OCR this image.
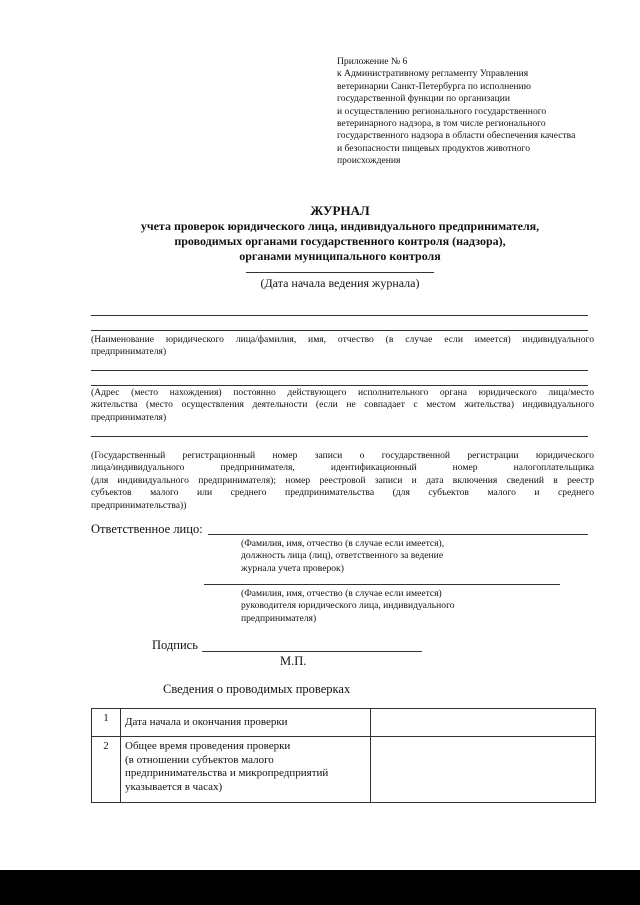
Приложение № 6
к Административному регламенту Управления
ветеринарии Санкт-Петербурга по исполнению
государственной функции по организации
и осуществлению регионального государственного
ветеринарного надзора, в том числе регионального
государственного надзора в области обеспечения качества
и безопасности пищевых продуктов животного
происхождения
ЖУРНАЛ
учета проверок юридического лица, индивидуального предпринимателя,
проводимых органами государственного контроля (надзора),
органами муниципального контроля
(Дата начала ведения журнала)
(Наименование юридического лица/фамилия, имя, отчество (в случае если имеется) индивидуального
предпринимателя)
(Адрес (место нахождения) постоянно действующего исполнительного органа юридического лица/место
жительства (место осуществления деятельности (если не совпадает с местом жительства) индивидуального
предпринимателя)
(Государственный регистрационный номер записи о государственной регистрации юридического
лица/индивидуального предпринимателя, идентификационный номер налогоплательщика
(для индивидуального предпринимателя); номер реестровой записи и дата включения сведений в реестр
субъектов малого или среднего предпринимательства (для субъектов малого и среднего
предпринимательства))
Ответственное лицо:
(Фамилия, имя, отчество (в случае если имеется),
должность лица (лиц), ответственного за ведение
журнала учета проверок)
(Фамилия, имя, отчество (в случае если имеется)
руководителя юридического лица, индивидуального
предпринимателя)
Подпись
М.П.
Сведения о проводимых проверках
1	Дата начала и окончания проверки	

2	Общее время проведения проверки
(в отношении субъектов малого
предпринимательства и микропредприятий
указывается в часах)	
